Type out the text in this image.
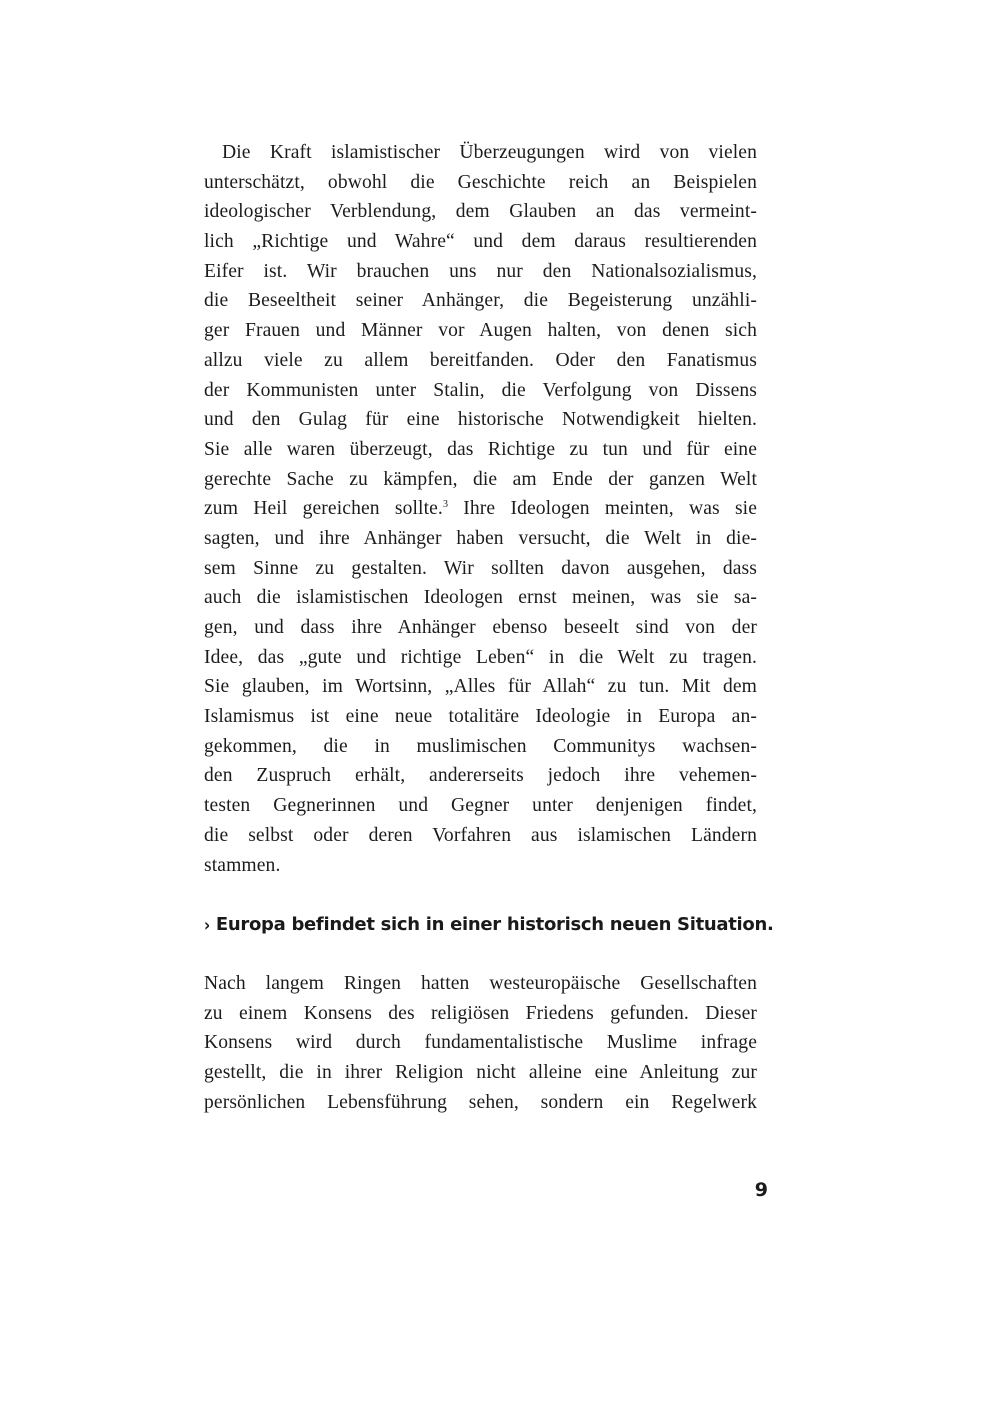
Die Kraft islamistischer Überzeugungen wird von vielen
unterschätzt, obwohl die Geschichte reich an Beispielen
ideologischer Verblendung, dem Glauben an das vermeint-
lich „Richtige und Wahre“ und dem daraus resultierenden
Eifer ist. Wir brauchen uns nur den Nationalsozialismus,
die Beseeltheit seiner Anhänger, die Begeisterung unzähli-
ger Frauen und Männer vor Augen halten, von denen sich
allzu viele zu allem bereitfanden. Oder den Fanatismus
der Kommunisten unter Stalin, die Verfolgung von Dissens
und den Gulag für eine historische Notwendigkeit hielten.
Sie alle waren überzeugt, das Richtige zu tun und für eine
gerechte Sache zu kämpfen, die am Ende der ganzen Welt
zum Heil gereichen sollte.$^3$ Ihre Ideologen meinten, was sie
sagten, und ihre Anhänger haben versucht, die Welt in die-
sem Sinne zu gestalten. Wir sollten davon ausgehen, dass
auch die islamistischen Ideologen ernst meinen, was sie sa-
gen, und dass ihre Anhänger ebenso beseelt sind von der
Idee, das „gute und richtige Leben“ in die Welt zu tragen.
Sie glauben, im Wortsinn, „Alles für Allah“ zu tun. Mit dem
Islamismus ist eine neue totalitäre Ideologie in Europa an-
gekommen, die in muslimischen Communitys wachsen-
den Zuspruch erhält, andererseits jedoch ihre vehemen-
testen Gegnerinnen und Gegner unter denjenigen findet,
die selbst oder deren Vorfahren aus islamischen Ländern
stammen.
› Europa befindet sich in einer historisch neuen Situation.
Nach langem Ringen hatten westeuropäische Gesellschaften
zu einem Konsens des religiösen Friedens gefunden. Dieser
Konsens wird durch fundamentalistische Muslime infrage
gestellt, die in ihrer Religion nicht alleine eine Anleitung zur
persönlichen Lebensführung sehen, sondern ein Regelwerk
9
